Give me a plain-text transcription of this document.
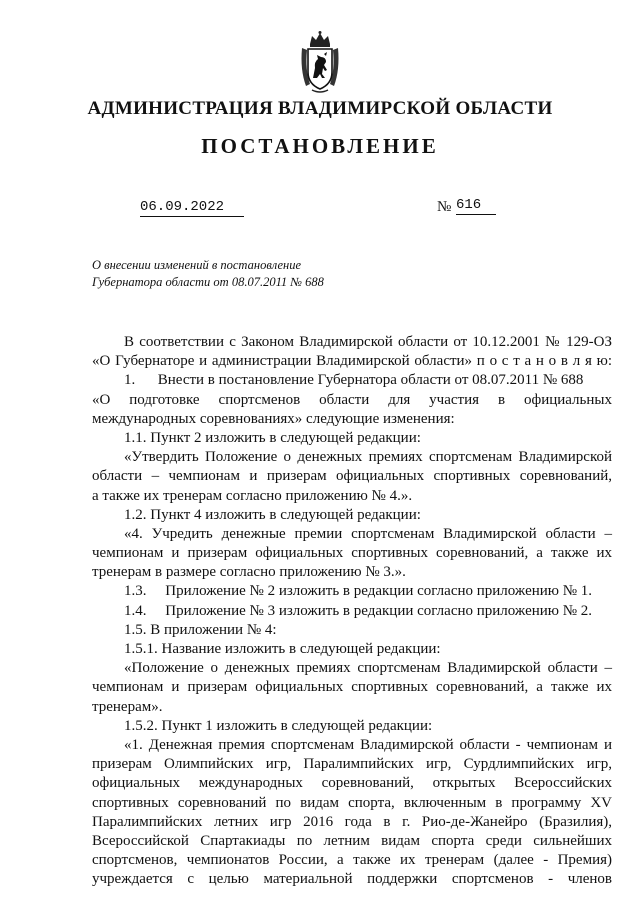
АДМИНИСТРАЦИЯ ВЛАДИМИРСКОЙ ОБЛАСТИ
ПОСТАНОВЛЕНИЕ
06.09.2022	№ 616
О внесении изменений в постановление
Губернатора области от 08.07.2011 № 688
В соответствии с Законом Владимирской области от 10.12.2001 № 129-ОЗ
«О Губернаторе и администрации Владимирской области» п о с т а н о в л я ю:
1.      Внести в постановление Губернатора области от 08.07.2011 № 688
«О подготовке спортсменов области для участия в официальных
международных соревнованиях» следующие изменения:
1.1. Пункт 2 изложить в следующей редакции:
«Утвердить Положение о денежных премиях спортсменам Владимирской
области – чемпионам и призерам официальных спортивных соревнований,
а также их тренерам согласно приложению № 4.».
1.2. Пункт 4 изложить в следующей редакции:
«4. Учредить денежные премии спортсменам Владимирской области –
чемпионам и призерам официальных спортивных соревнований, а также их
тренерам в размере согласно приложению № 3.».
1.3.     Приложение № 2 изложить в редакции согласно приложению № 1.
1.4.     Приложение № 3 изложить в редакции согласно приложению № 2.
1.5. В приложении № 4:
1.5.1. Название изложить в следующей редакции:
«Положение о денежных премиях спортсменам Владимирской области –
чемпионам и призерам официальных спортивных соревнований, а также их
тренерам».
1.5.2. Пункт 1 изложить в следующей редакции:
«1. Денежная премия спортсменам Владимирской области - чемпионам и
призерам Олимпийских игр, Паралимпийских игр, Сурдлимпийских игр,
официальных международных соревнований, открытых Всероссийских
спортивных соревнований по видам спорта, включенным в программу XV
Паралимпийских летних игр 2016 года в г. Рио-де-Жанейро (Бразилия),
Всероссийской Спартакиады по летним видам спорта среди сильнейших
спортсменов, чемпионатов России, а также их тренерам (далее - Премия)
учреждается с целью материальной поддержки спортсменов - членов
